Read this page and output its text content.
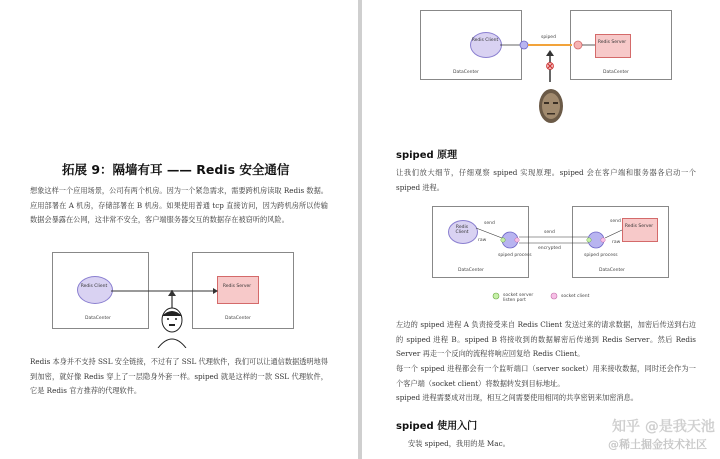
拓展 9：隔墙有耳 —— Redis 安全通信
想象这样一个应用场景，公司有两个机房。因为一个紧急需求，需要跨机房读取 Redis 数据。应用部署在 A 机房，存储部署在 B 机房。如果使用普通 tcp 直接访问，因为跨机房所以传输数据会暴露在公网，这非常不安全，客户端服务器交互的数据存在被窃听的风险。
Redis Client	Redis Server
DataCenter	DataCenter
Redis 本身并不支持 SSL 安全链接，不过有了 SSL 代理软件，我们可以让通信数据透明地得到加密，就好像 Redis 穿上了一层隐身外套一样。spiped 就是这样的一款 SSL 代理软件，它是 Redis 官方推荐的代理软件。
Redis Client	Redis Server
spiped
DataCenter	DataCenter
spiped 原理
让我们放大细节，仔细观察 spiped 实现原理。spiped 会在客户端和服务器各启动一个 spiped 进程。
Redis Client
Redis Server
send
raw
send
encrypted
send
raw
spiped process	spiped process
DataCenter	DataCenter
socket server listen port
socket client
左边的 spiped 进程 A 负责接受来自 Redis Client 发送过来的请求数据，加密后传送到右边的 spiped 进程 B。spiped B 将接收到的数据解密后传递到 Redis Server。然后 Redis Server 再走一个反向的流程将响应回复给 Redis Client。
每一个 spiped 进程都会有一个监听端口（server socket）用来接收数据，同时还会作为一个客户端（socket client）将数据转发到目标地址。
spiped 进程需要成对出现，相互之间需要使用相同的共享密钥来加密消息。
spiped 使用入门
安装 spiped，我用的是 Mac。
知乎 @是我天池
@稀土掘金技术社区
